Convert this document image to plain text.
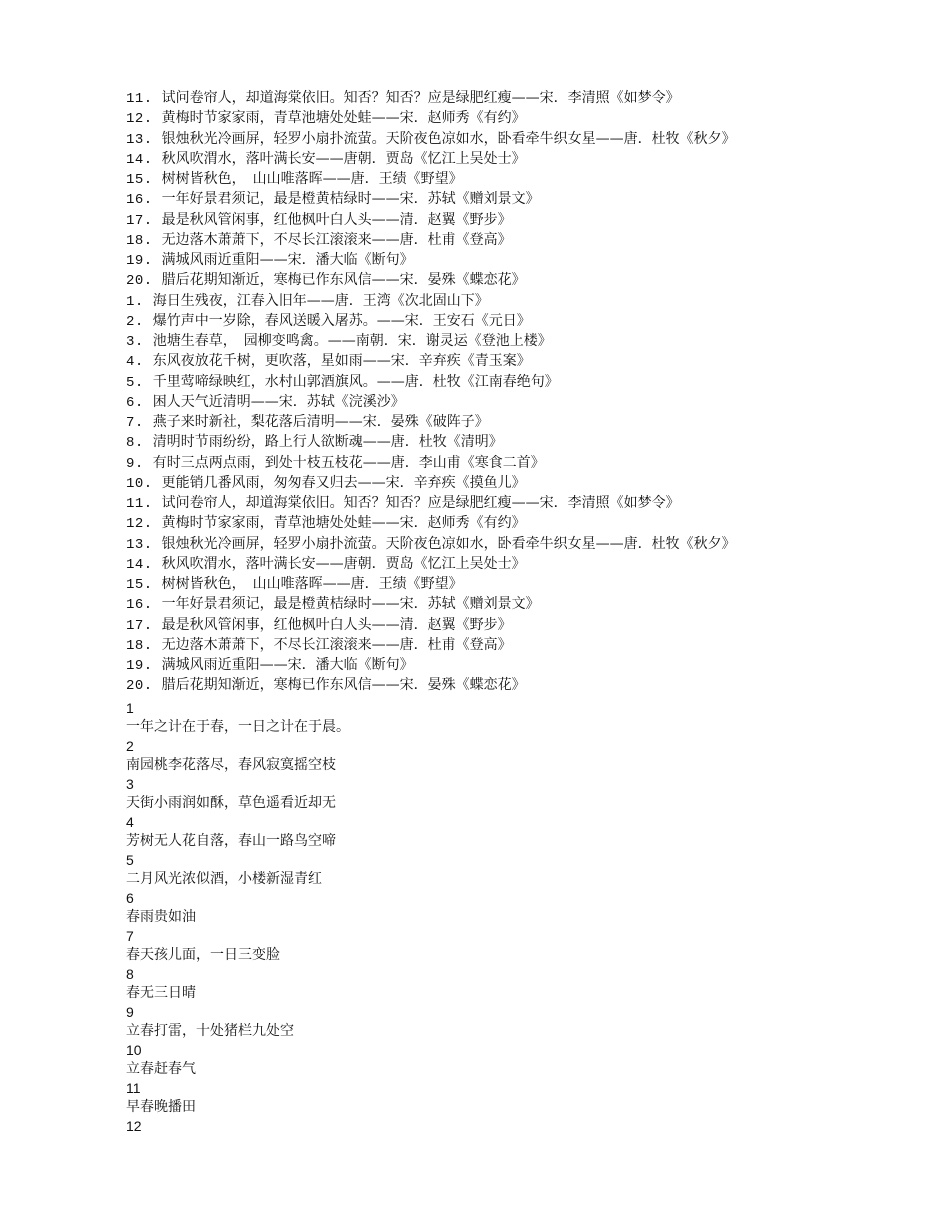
11. 试问卷帘人，却道海棠依旧。知否？知否？应是绿肥红瘦——宋．李清照《如梦令》
12. 黄梅时节家家雨，青草池塘处处蛙——宋．赵师秀《有约》
13. 银烛秋光冷画屏，轻罗小扇扑流萤。天阶夜色凉如水，卧看牵牛织女星——唐．杜牧《秋夕》
14. 秋风吹渭水，落叶满长安——唐朝．贾岛《忆江上吴处士》
15. 树树皆秋色，　山山唯落晖——唐．王绩《野望》
16. 一年好景君须记，最是橙黄桔绿时——宋．苏轼《赠刘景文》
17. 最是秋风管闲事，红他枫叶白人头——清．赵翼《野步》
18. 无边落木萧萧下，不尽长江滚滚来——唐．杜甫《登高》
19. 满城风雨近重阳——宋．潘大临《断句》
20. 腊后花期知渐近，寒梅已作东风信——宋．晏殊《蝶恋花》
1. 海日生残夜，江春入旧年——唐．王湾《次北固山下》
2. 爆竹声中一岁除，春风送暖入屠苏。——宋．王安石《元日》
3. 池塘生春草，　园柳变鸣禽。——南朝．宋．谢灵运《登池上楼》
4. 东风夜放花千树，更吹落，星如雨——宋．辛弃疾《青玉案》
5. 千里莺啼绿映红，水村山郭酒旗风。——唐．杜牧《江南春绝句》
6. 困人天气近清明——宋．苏轼《浣溪沙》
7. 燕子来时新社，梨花落后清明——宋．晏殊《破阵子》
8. 清明时节雨纷纷，路上行人欲断魂——唐．杜牧《清明》
9. 有时三点两点雨，到处十枝五枝花——唐．李山甫《寒食二首》
10. 更能销几番风雨，匆匆春又归去——宋．辛弃疾《摸鱼儿》
11. 试问卷帘人，却道海棠依旧。知否？知否？应是绿肥红瘦——宋．李清照《如梦令》
12. 黄梅时节家家雨，青草池塘处处蛙——宋．赵师秀《有约》
13. 银烛秋光冷画屏，轻罗小扇扑流萤。天阶夜色凉如水，卧看牵牛织女星——唐．杜牧《秋夕》
14. 秋风吹渭水，落叶满长安——唐朝．贾岛《忆江上吴处士》
15. 树树皆秋色，　山山唯落晖——唐．王绩《野望》
16. 一年好景君须记，最是橙黄桔绿时——宋．苏轼《赠刘景文》
17. 最是秋风管闲事，红他枫叶白人头——清．赵翼《野步》
18. 无边落木萧萧下，不尽长江滚滚来——唐．杜甫《登高》
19. 满城风雨近重阳——宋．潘大临《断句》
20. 腊后花期知渐近，寒梅已作东风信——宋．晏殊《蝶恋花》
1
一年之计在于春，一日之计在于晨。
2
南园桃李花落尽，春风寂寞摇空枝
3
天街小雨润如酥，草色遥看近却无
4
芳树无人花自落，春山一路鸟空啼
5
二月风光浓似酒，小楼新湿青红
6
春雨贵如油
7
春天孩儿面，一日三变脸
8
春无三日晴
9
立春打雷，十处猪栏九处空
10
立春赶春气
11
早春晚播田
12
